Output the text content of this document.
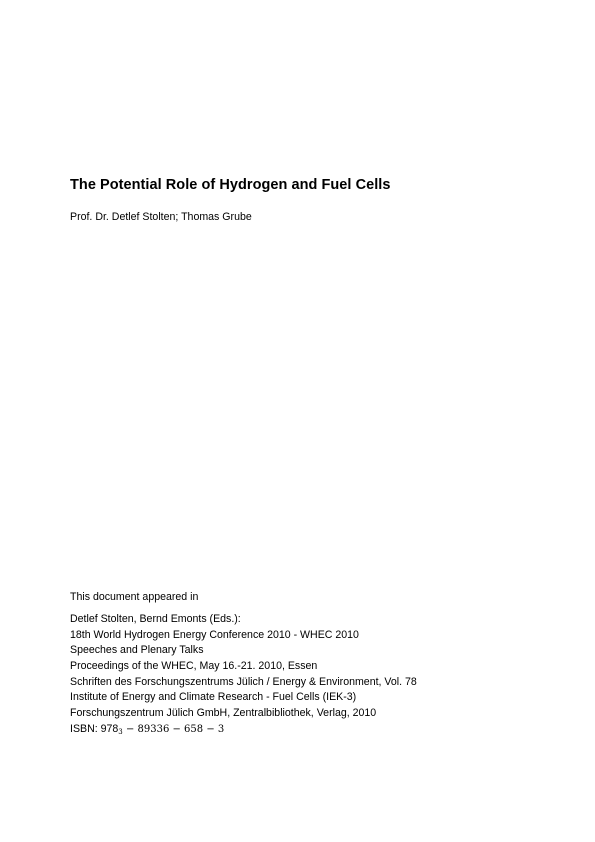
The Potential Role of Hydrogen and Fuel Cells
Prof. Dr. Detlef Stolten; Thomas Grube
This document appeared in
Detlef Stolten, Bernd Emonts (Eds.):
18th World Hydrogen Energy Conference 2010 - WHEC 2010
Speeches and Plenary Talks
Proceedings of the WHEC, May 16.-21. 2010, Essen
Schriften des Forschungszentrums Jülich / Energy & Environment, Vol. 78
Institute of Energy and Climate Research - Fuel Cells (IEK-3)
Forschungszentrum Jülich GmbH, Zentralbibliothek, Verlag, 2010
ISBN: 9783 − 89336 − 658 − 3
